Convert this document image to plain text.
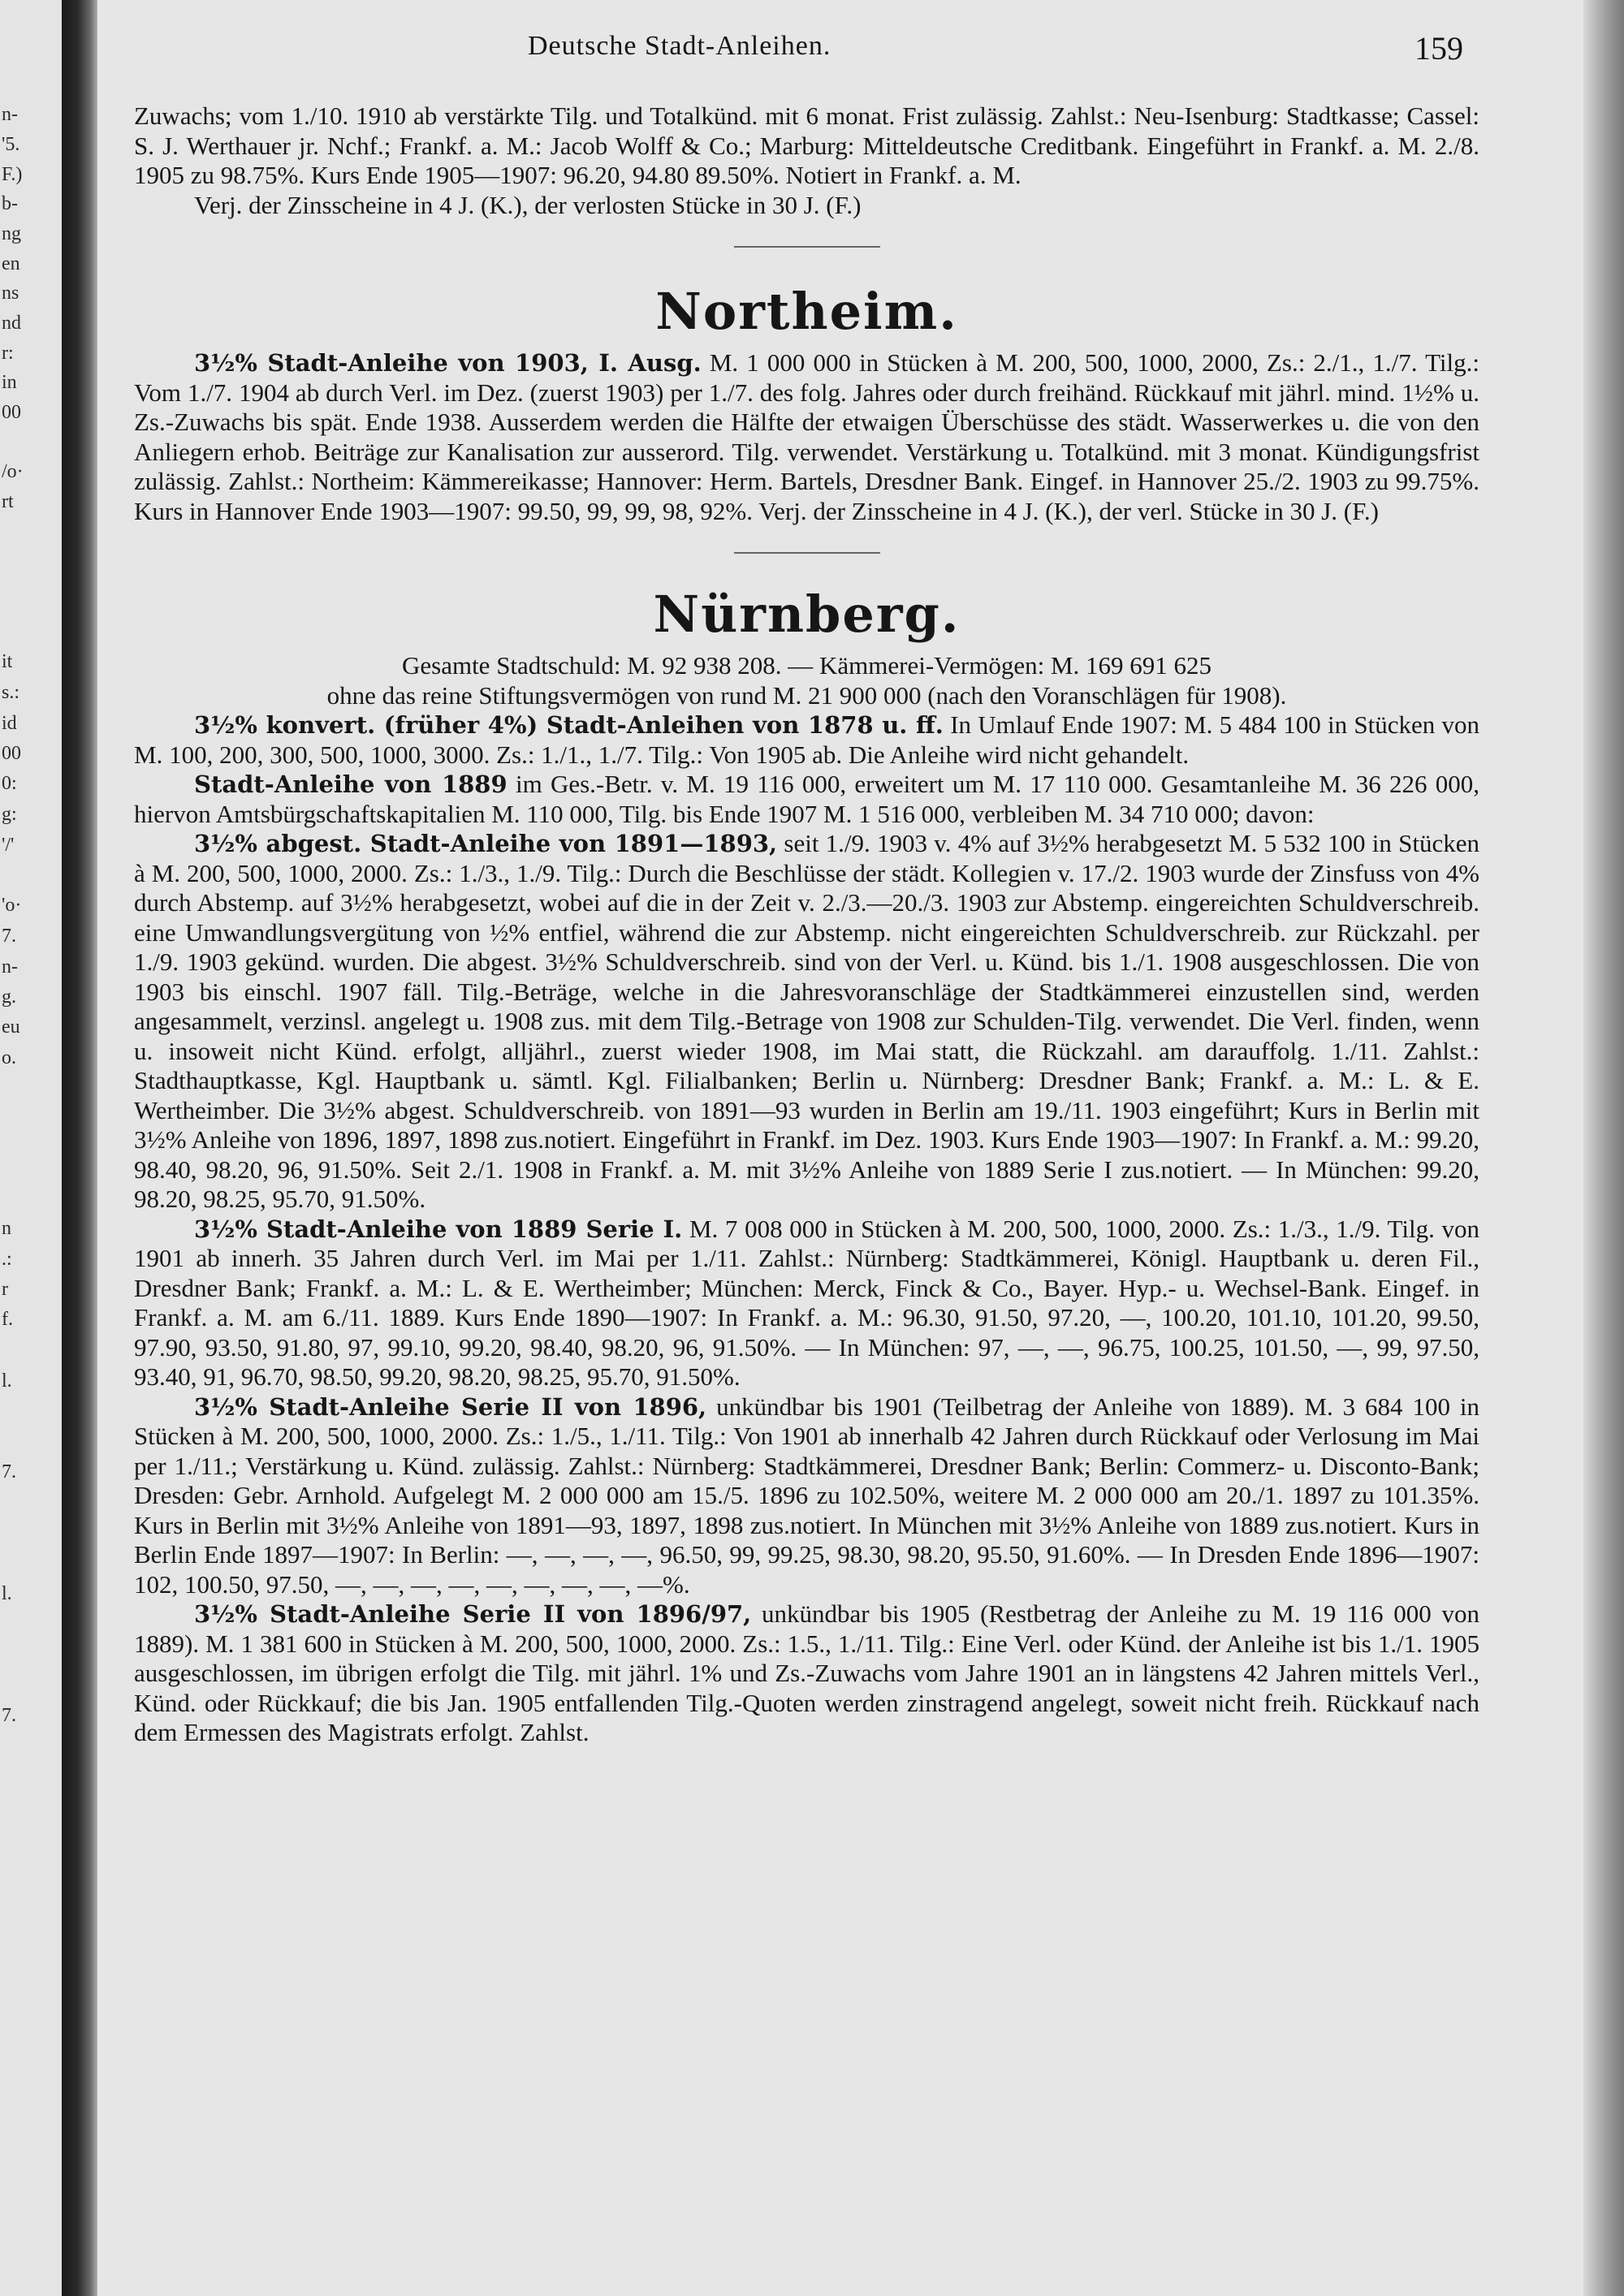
n-
'5.
F.)
b-
ng
en
ns
nd
r:
in
00
/o·
rt
it
s.:
id
00
0:
g:
'/'
'o·
7.
n-
g.
eu
o.
n
.:
r
f.
l.
7.
l.
7.
Deutsche Stadt-Anleihen.	159

Zuwachs; vom 1./10. 1910 ab verstärkte Tilg. und Totalkünd. mit 6 monat. Frist zulässig. Zahlst.: Neu-Isenburg: Stadtkasse; Cassel: S. J. Werthauer jr. Nchf.; Frankf. a. M.: Jacob Wolff & Co.; Marburg: Mitteldeutsche Creditbank. Eingeführt in Frankf. a. M. 2./8. 1905 zu 98.75%. Kurs Ende 1905—1907: 96.20, 94.80 89.50%. Notiert in Frankf. a. M.

Verj. der Zinsscheine in 4 J. (K.), der verlosten Stücke in 30 J. (F.)

Northeim.

3½% Stadt-Anleihe von 1903, I. Ausg. M. 1 000 000 in Stücken à M. 200, 500, 1000, 2000, Zs.: 2./1., 1./7. Tilg.: Vom 1./7. 1904 ab durch Verl. im Dez. (zuerst 1903) per 1./7. des folg. Jahres oder durch freihänd. Rückkauf mit jährl. mind. 1½% u. Zs.-Zuwachs bis spät. Ende 1938. Ausserdem werden die Hälfte der etwaigen Überschüsse des städt. Wasserwerkes u. die von den Anliegern erhob. Beiträge zur Kanalisation zur ausserord. Tilg. verwendet. Verstärkung u. Totalkünd. mit 3 monat. Kündigungsfrist zulässig. Zahlst.: Northeim: Kämmereikasse; Hannover: Herm. Bartels, Dresdner Bank. Eingef. in Hannover 25./2. 1903 zu 99.75%. Kurs in Hannover Ende 1903—1907: 99.50, 99, 99, 98, 92%. Verj. der Zinsscheine in 4 J. (K.), der verl. Stücke in 30 J. (F.)

Nürnberg.

Gesamte Stadtschuld: M. 92 938 208. — Kämmerei-Vermögen: M. 169 691 625

ohne das reine Stiftungsvermögen von rund M. 21 900 000 (nach den Voranschlägen für 1908).

3½% konvert. (früher 4%) Stadt-Anleihen von 1878 u. ff. In Umlauf Ende 1907: M. 5 484 100 in Stücken von M. 100, 200, 300, 500, 1000, 3000. Zs.: 1./1., 1./7. Tilg.: Von 1905 ab. Die Anleihe wird nicht gehandelt.

Stadt-Anleihe von 1889 im Ges.-Betr. v. M. 19 116 000, erweitert um M. 17 110 000. Gesamtanleihe M. 36 226 000, hiervon Amtsbürgschaftskapitalien M. 110 000, Tilg. bis Ende 1907 M. 1 516 000, verbleiben M. 34 710 000; davon:

3½% abgest. Stadt-Anleihe von 1891—1893, seit 1./9. 1903 v. 4% auf 3½% herabgesetzt M. 5 532 100 in Stücken à M. 200, 500, 1000, 2000. Zs.: 1./3., 1./9. Tilg.: Durch die Beschlüsse der städt. Kollegien v. 17./2. 1903 wurde der Zinsfuss von 4% durch Abstemp. auf 3½% herabgesetzt, wobei auf die in der Zeit v. 2./3.—20./3. 1903 zur Abstemp. eingereichten Schuldverschreib. eine Umwandlungsvergütung von ½% entfiel, während die zur Abstemp. nicht eingereichten Schuldverschreib. zur Rückzahl. per 1./9. 1903 gekünd. wurden. Die abgest. 3½% Schuldverschreib. sind von der Verl. u. Künd. bis 1./1. 1908 ausgeschlossen. Die von 1903 bis einschl. 1907 fäll. Tilg.-Beträge, welche in die Jahresvoranschläge der Stadtkämmerei einzustellen sind, werden angesammelt, verzinsl. angelegt u. 1908 zus. mit dem Tilg.-Betrage von 1908 zur Schulden-Tilg. verwendet. Die Verl. finden, wenn u. insoweit nicht Künd. erfolgt, alljährl., zuerst wieder 1908, im Mai statt, die Rückzahl. am darauffolg. 1./11. Zahlst.: Stadthauptkasse, Kgl. Hauptbank u. sämtl. Kgl. Filialbanken; Berlin u. Nürnberg: Dresdner Bank; Frankf. a. M.: L. & E. Wertheimber. Die 3½% abgest. Schuldverschreib. von 1891—93 wurden in Berlin am 19./11. 1903 eingeführt; Kurs in Berlin mit 3½% Anleihe von 1896, 1897, 1898 zus.notiert. Eingeführt in Frankf. im Dez. 1903. Kurs Ende 1903—1907: In Frankf. a. M.: 99.20, 98.40, 98.20, 96, 91.50%. Seit 2./1. 1908 in Frankf. a. M. mit 3½% Anleihe von 1889 Serie I zus.notiert. — In München: 99.20, 98.20, 98.25, 95.70, 91.50%.

3½% Stadt-Anleihe von 1889 Serie I. M. 7 008 000 in Stücken à M. 200, 500, 1000, 2000. Zs.: 1./3., 1./9. Tilg. von 1901 ab innerh. 35 Jahren durch Verl. im Mai per 1./11. Zahlst.: Nürnberg: Stadtkämmerei, Königl. Hauptbank u. deren Fil., Dresdner Bank; Frankf. a. M.: L. & E. Wertheimber; München: Merck, Finck & Co., Bayer. Hyp.- u. Wechsel-Bank. Eingef. in Frankf. a. M. am 6./11. 1889. Kurs Ende 1890—1907: In Frankf. a. M.: 96.30, 91.50, 97.20, —, 100.20, 101.10, 101.20, 99.50, 97.90, 93.50, 91.80, 97, 99.10, 99.20, 98.40, 98.20, 96, 91.50%. — In München: 97, —, —, 96.75, 100.25, 101.50, —, 99, 97.50, 93.40, 91, 96.70, 98.50, 99.20, 98.20, 98.25, 95.70, 91.50%.

3½% Stadt-Anleihe Serie II von 1896, unkündbar bis 1901 (Teilbetrag der Anleihe von 1889). M. 3 684 100 in Stücken à M. 200, 500, 1000, 2000. Zs.: 1./5., 1./11. Tilg.: Von 1901 ab innerhalb 42 Jahren durch Rückkauf oder Verlosung im Mai per 1./11.; Verstärkung u. Künd. zulässig. Zahlst.: Nürnberg: Stadtkämmerei, Dresdner Bank; Berlin: Commerz- u. Disconto-Bank; Dresden: Gebr. Arnhold. Aufgelegt M. 2 000 000 am 15./5. 1896 zu 102.50%, weitere M. 2 000 000 am 20./1. 1897 zu 101.35%. Kurs in Berlin mit 3½% Anleihe von 1891—93, 1897, 1898 zus.notiert. In München mit 3½% Anleihe von 1889 zus.notiert. Kurs in Berlin Ende 1897—1907: In Berlin: —, —, —, —, 96.50, 99, 99.25, 98.30, 98.20, 95.50, 91.60%. — In Dresden Ende 1896—1907: 102, 100.50, 97.50, —, —, —, —, —, —, —, —, —%.

3½% Stadt-Anleihe Serie II von 1896/97, unkündbar bis 1905 (Restbetrag der Anleihe zu M. 19 116 000 von 1889). M. 1 381 600 in Stücken à M. 200, 500, 1000, 2000. Zs.: 1.5., 1./11. Tilg.: Eine Verl. oder Künd. der Anleihe ist bis 1./1. 1905 ausgeschlossen, im übrigen erfolgt die Tilg. mit jährl. 1% und Zs.-Zuwachs vom Jahre 1901 an in längstens 42 Jahren mittels Verl., Künd. oder Rückkauf; die bis Jan. 1905 entfallenden Tilg.-Quoten werden zinstragend angelegt, soweit nicht freih. Rückkauf nach dem Ermessen des Magistrats erfolgt. Zahlst.
